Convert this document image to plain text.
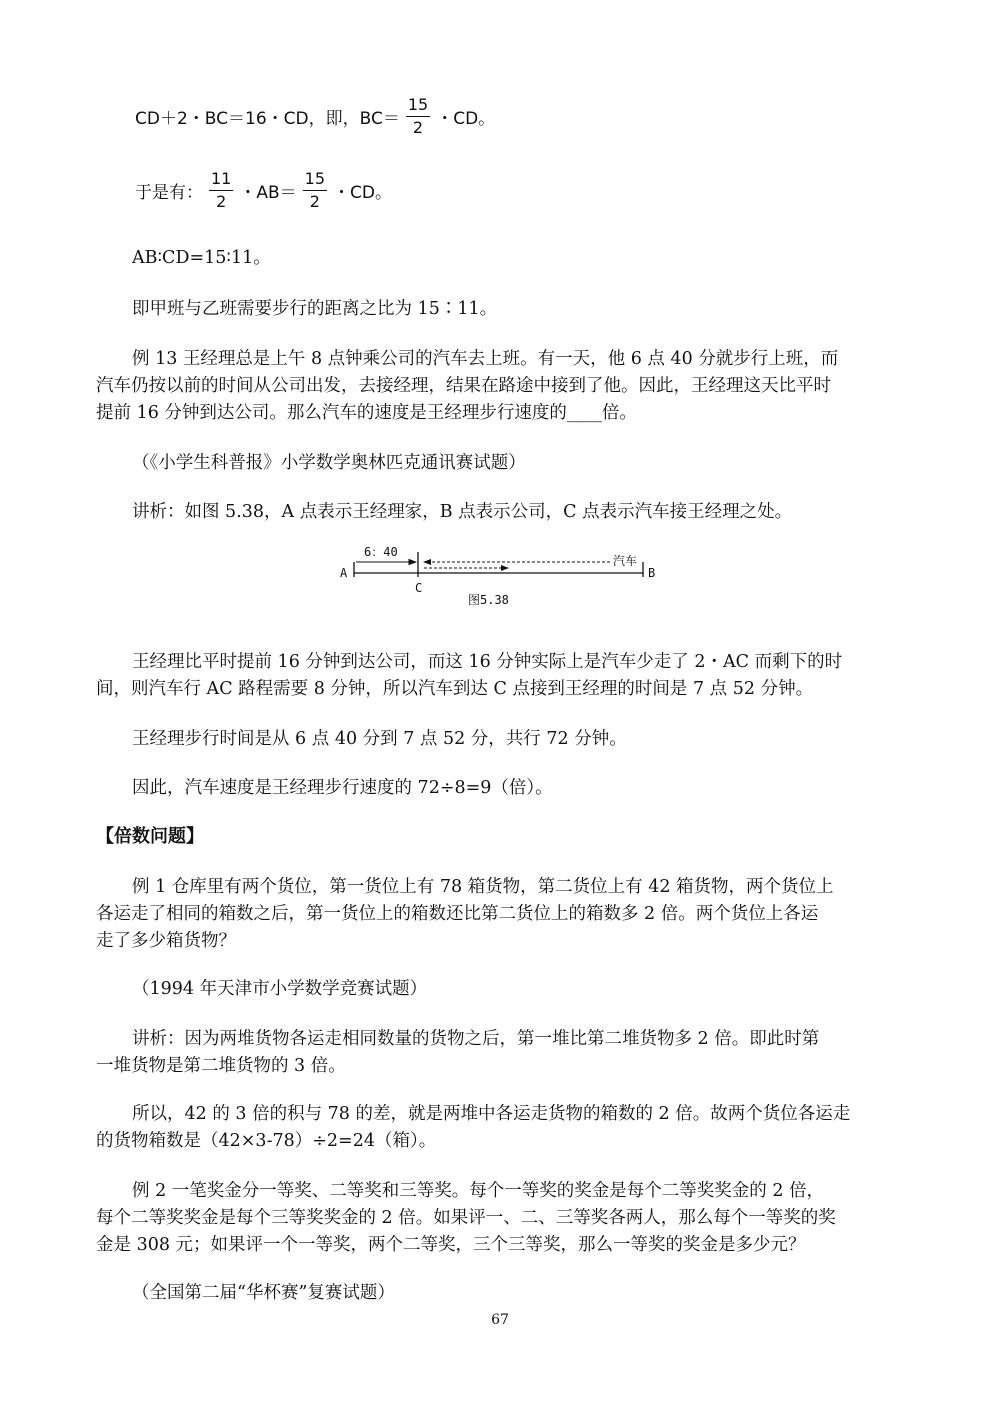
CD＋2・BC＝16・CD，即，$BC= \frac{15}{2}$ ・CD。
于是有： $\frac{11}{2}$ ・$AB= \frac{15}{2}$ ・CD。
AB∶CD=15∶11。
即甲班与乙班需要步行的距离之比为 15∶11。
例 13 王经理总是上午 8 点钟乘公司的汽车去上班。有一天，他 6 点 40 分就步行上班，而
汽车仍按以前的时间从公司出发，去接经理，结果在路途中接到了他。因此，王经理这天比平时
提前 16 分钟到达公司。那么汽车的速度是王经理步行速度的____倍。
（《小学生科普报》小学数学奥林匹克通讯赛试题）
讲析：如图 5.38，A 点表示王经理家，B 点表示公司，C 点表示汽车接王经理之处。
6：40
汽车
A	B
C
图5.38
王经理比平时提前 16 分钟到达公司，而这 16 分钟实际上是汽车少走了 2・AC 而剩下的时
间，则汽车行 AC 路程需要 8 分钟，所以汽车到达 C 点接到王经理的时间是 7 点 52 分钟。
王经理步行时间是从 6 点 40 分到 7 点 52 分，共行 72 分钟。
因此，汽车速度是王经理步行速度的 72÷8=9（倍）。
【倍数问题】
例 1 仓库里有两个货位，第一货位上有 78 箱货物，第二货位上有 42 箱货物，两个货位上
各运走了相同的箱数之后，第一货位上的箱数还比第二货位上的箱数多 2 倍。两个货位上各运
走了多少箱货物？
（1994 年天津市小学数学竞赛试题）
讲析：因为两堆货物各运走相同数量的货物之后，第一堆比第二堆货物多 2 倍。即此时第
一堆货物是第二堆货物的 3 倍。
所以，42 的 3 倍的积与 78 的差，就是两堆中各运走货物的箱数的 2 倍。故两个货位各运走
的货物箱数是（42×3-78）÷2=24（箱）。
例 2 一笔奖金分一等奖、二等奖和三等奖。每个一等奖的奖金是每个二等奖奖金的 2 倍，
每个二等奖奖金是每个三等奖奖金的 2 倍。如果评一、二、三等奖各两人，那么每个一等奖的奖
金是 308 元；如果评一个一等奖，两个二等奖，三个三等奖，那么一等奖的奖金是多少元？
（全国第二届“华杯赛”复赛试题）
67
